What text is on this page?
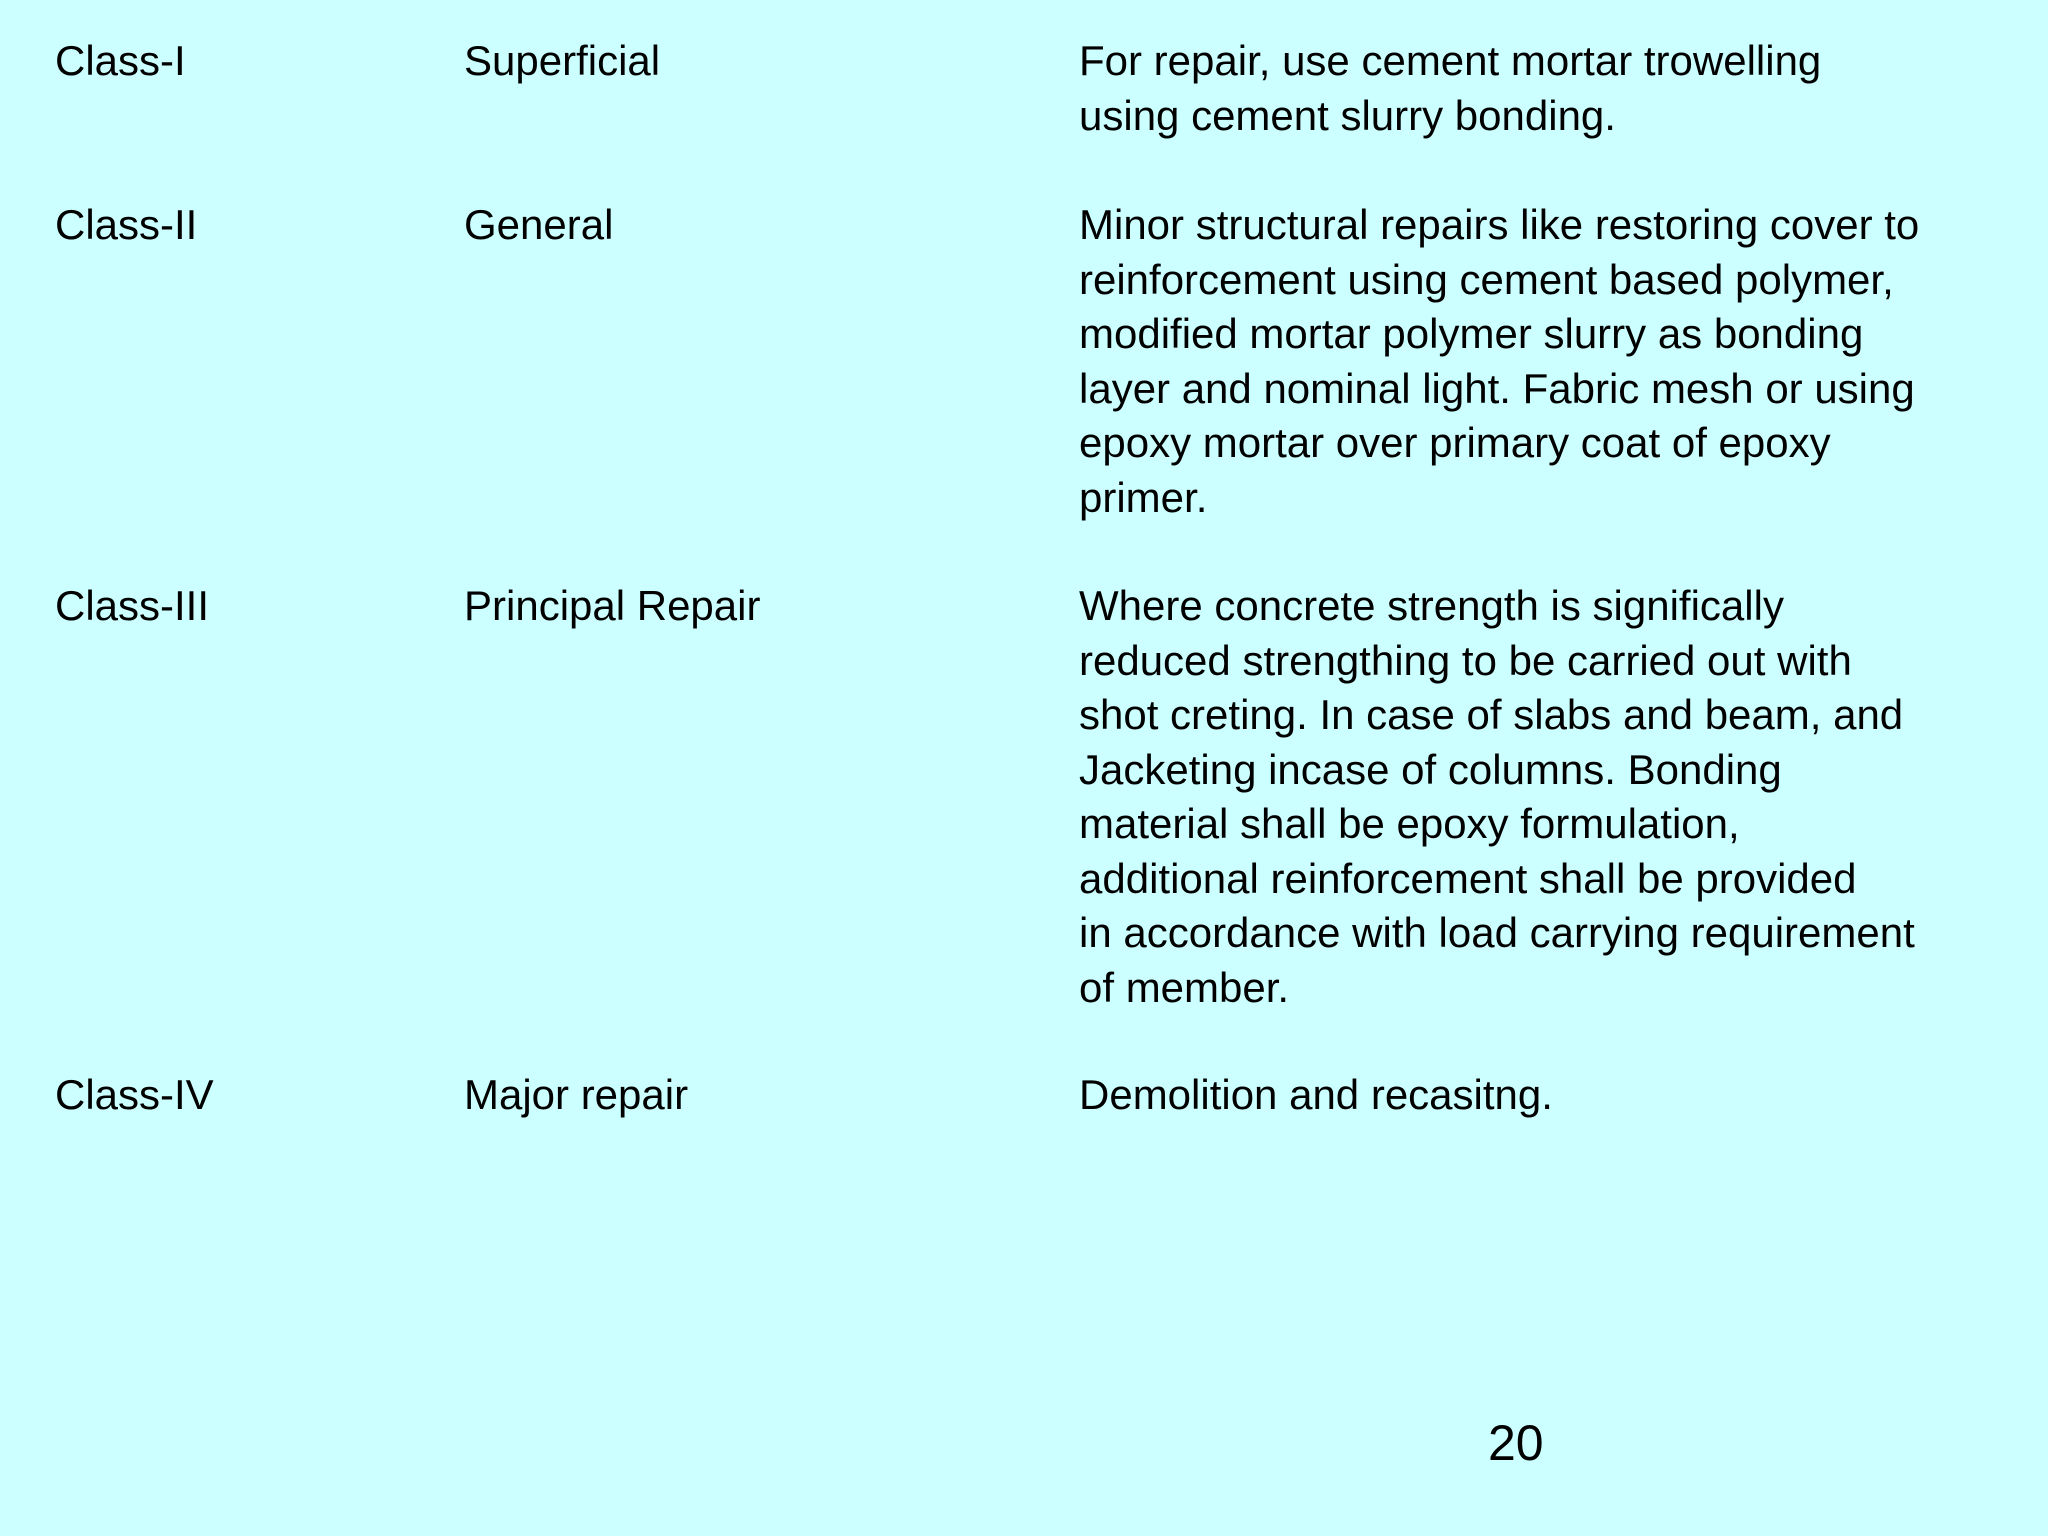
Class-I	Superficial	For repair, use cement mortar trowelling
using cement slurry bonding.
Class-II	General	Minor structural repairs like restoring cover to
reinforcement using cement based polymer,
modified mortar polymer slurry as bonding
layer and nominal light. Fabric mesh or using
epoxy mortar over primary coat of epoxy
primer.
Class-III	Principal Repair	Where concrete strength is significally
reduced strengthing to be carried out with
shot creting. In case of slabs and beam, and
Jacketing incase of columns. Bonding
material shall be epoxy formulation,
additional reinforcement shall be provided
in accordance with load carrying requirement
of member.
Class-IV	Major repair	Demolition and recasitng.
20
